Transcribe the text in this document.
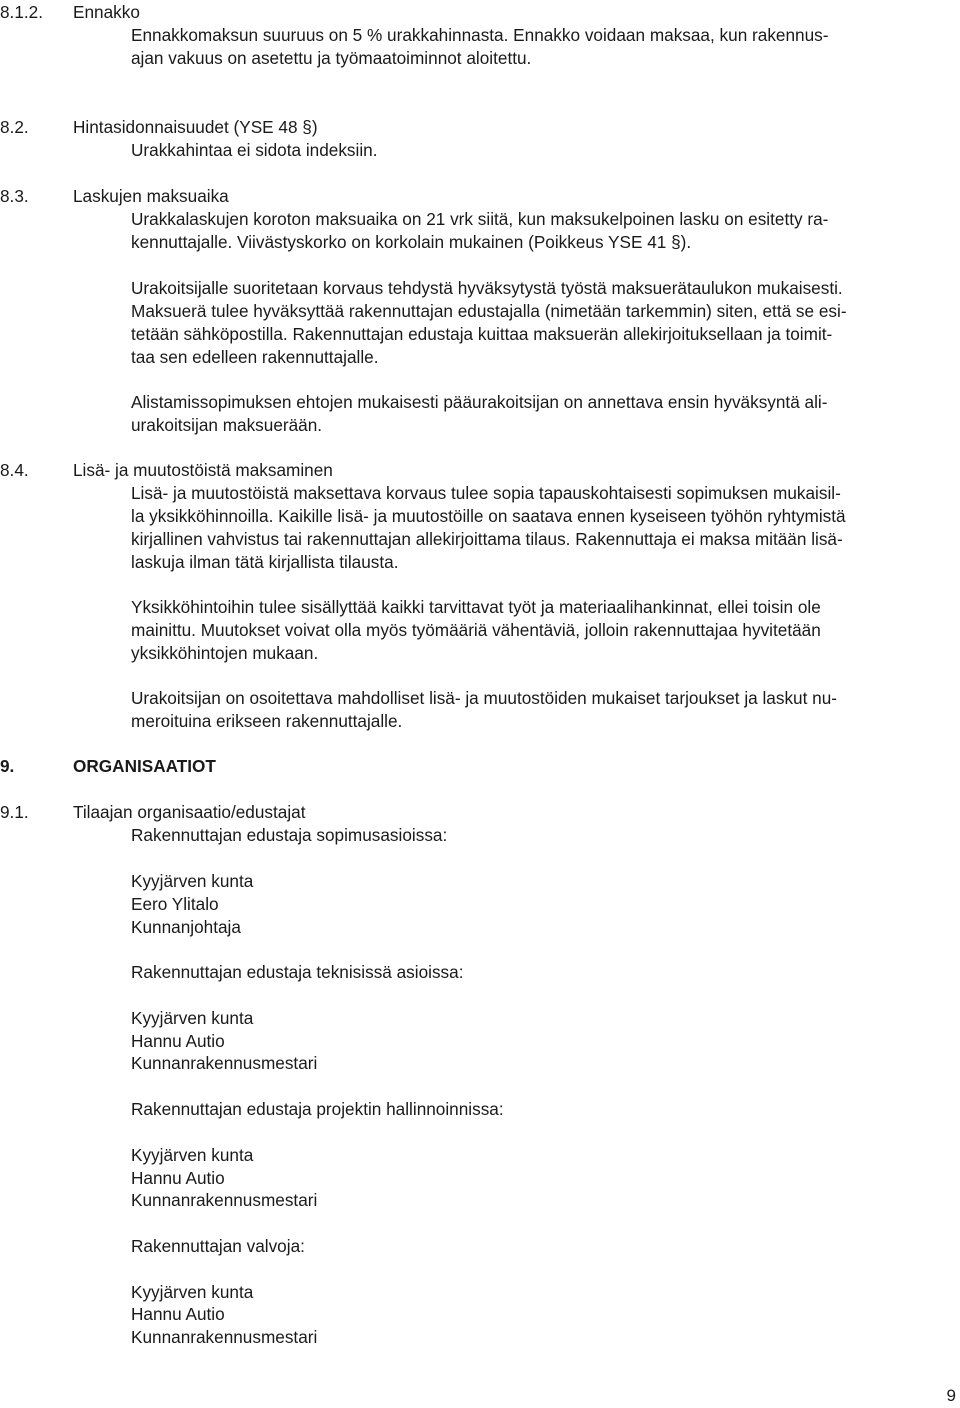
8.1.2. Ennakko
Ennakkomaksun suuruus on 5 % urakkahinnasta. Ennakko voidaan maksaa, kun rakennus-
ajan vakuus on asetettu ja työmaatoiminnot aloitettu.
8.2.	Hintasidonnaisuudet (YSE 48 §)
Urakkahintaa ei sidota indeksiin.
8.3.	Laskujen maksuaika
Urakkalaskujen koroton maksuaika on 21 vrk siitä, kun maksukelpoinen lasku on esitetty ra-
kennuttajalle. Viivästyskorko on korkolain mukainen (Poikkeus YSE 41 §).
Urakoitsijalle suoritetaan korvaus tehdystä hyväksytystä työstä maksuerätaulukon mukaisesti.
Maksuerä tulee hyväksyttää rakennuttajan edustajalla (nimetään tarkemmin) siten, että se esi-
tetään sähköpostilla. Rakennuttajan edustaja kuittaa maksuerän allekirjoituksellaan ja toimit-
taa sen edelleen rakennuttajalle.
Alistamissopimuksen ehtojen mukaisesti pääurakoitsijan on annettava ensin hyväksyntä ali-
urakoitsijan maksuerään.
8.4.	Lisä- ja muutostöistä maksaminen
Lisä- ja muutostöistä maksettava korvaus tulee sopia tapauskohtaisesti sopimuksen mukaisil-
la yksikköhinnoilla. Kaikille lisä- ja muutostöille on saatava ennen kyseiseen työhön ryhtymistä
kirjallinen vahvistus tai rakennuttajan allekirjoittama tilaus. Rakennuttaja ei maksa mitään lisä-
laskuja ilman tätä kirjallista tilausta.
Yksikköhintoihin tulee sisällyttää kaikki tarvittavat työt ja materiaalihankinnat, ellei toisin ole
mainittu. Muutokset voivat olla myös työmääriä vähentäviä, jolloin rakennuttajaa hyvitetään
yksikköhintojen mukaan.
Urakoitsijan on osoitettava mahdolliset lisä- ja muutostöiden mukaiset tarjoukset ja laskut nu-
meroituina erikseen rakennuttajalle.
9.	ORGANISAATIOT
9.1.	Tilaajan organisaatio/edustajat
Rakennuttajan edustaja sopimusasioissa:
Kyyjärven kunta
Eero Ylitalo
Kunnanjohtaja
Rakennuttajan edustaja teknisissä asioissa:
Kyyjärven kunta
Hannu Autio
Kunnanrakennusmestari
Rakennuttajan edustaja projektin hallinnoinnissa:
Kyyjärven kunta
Hannu Autio
Kunnanrakennusmestari
Rakennuttajan valvoja:
Kyyjärven kunta
Hannu Autio
Kunnanrakennusmestari
9
